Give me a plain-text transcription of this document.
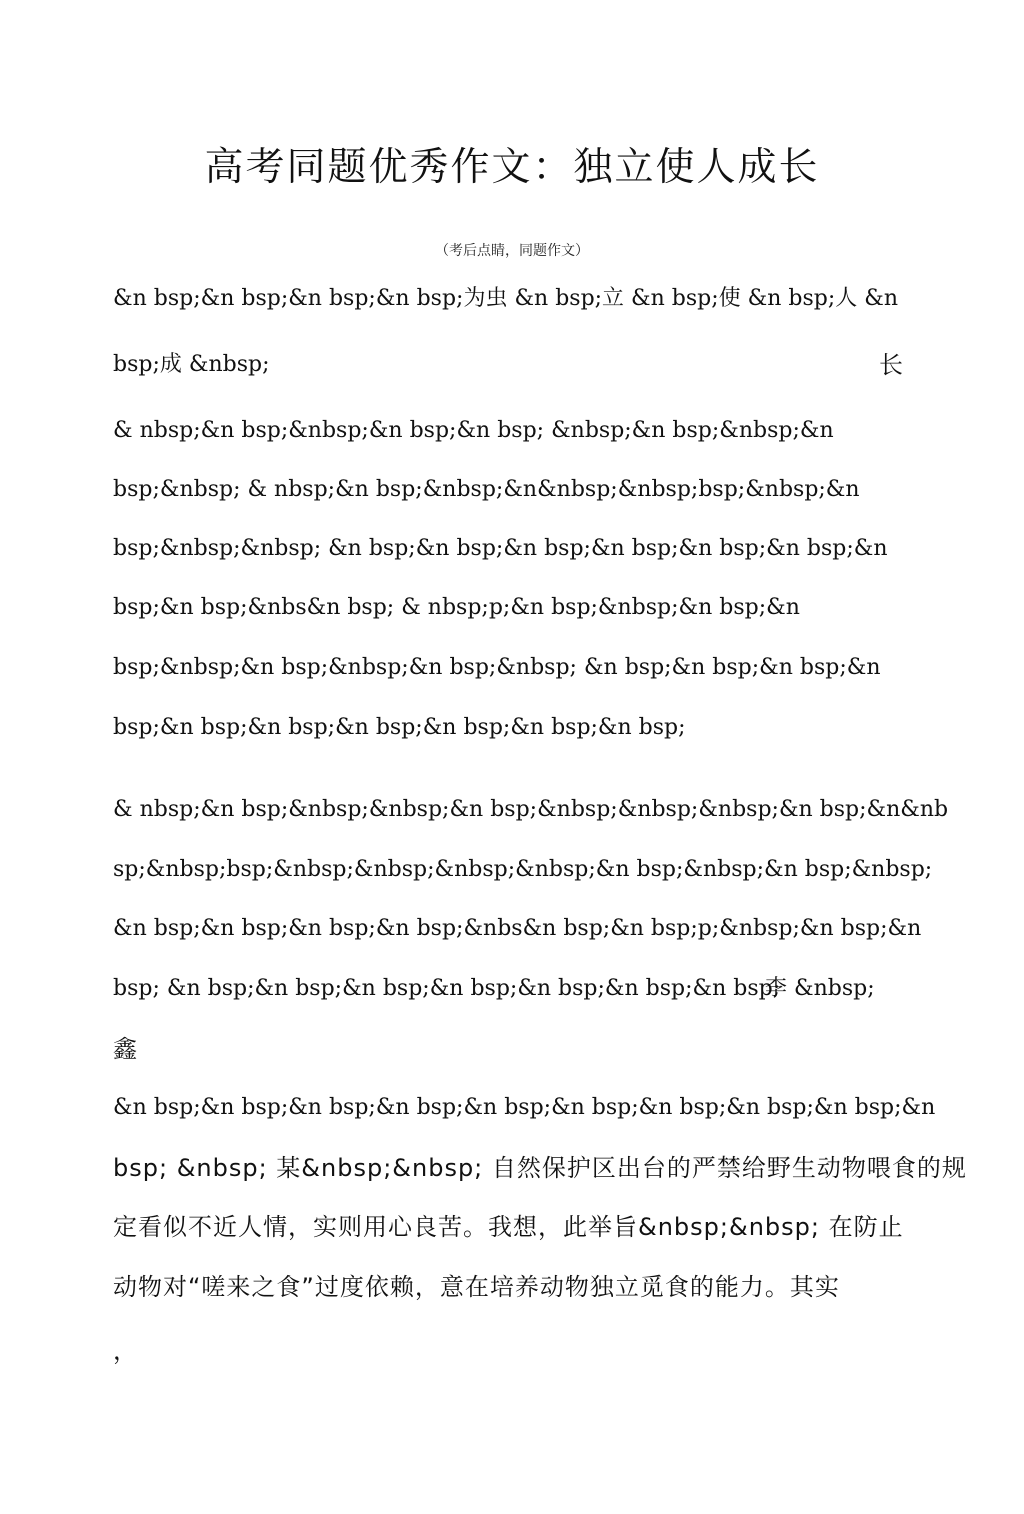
高考同题优秀作文：独立使人成长
（考后点睛，同题作文）
&n bsp;&n bsp;&n bsp;&n bsp;为虫 &n bsp;立 &n bsp;使 &n bsp;人 &n
bsp;成 &nbsp;	长
& nbsp;&n bsp;&nbsp;&n bsp;&n bsp; &nbsp;&n bsp;&nbsp;&n
bsp;&nbsp; & nbsp;&n bsp;&nbsp;&n&nbsp;&nbsp;bsp;&nbsp;&n
bsp;&nbsp;&nbsp; &n bsp;&n bsp;&n bsp;&n bsp;&n bsp;&n bsp;&n
bsp;&n bsp;&nbs&n bsp; & nbsp;p;&n bsp;&nbsp;&n bsp;&n
bsp;&nbsp;&n bsp;&nbsp;&n bsp;&nbsp; &n bsp;&n bsp;&n bsp;&n
bsp;&n bsp;&n bsp;&n bsp;&n bsp;&n bsp;&n bsp;
& nbsp;&n bsp;&nbsp;&nbsp;&n bsp;&nbsp;&nbsp;&nbsp;&n bsp;&n&nb
sp;&nbsp;bsp;&nbsp;&nbsp;&nbsp;&nbsp;&n bsp;&nbsp;&n bsp;&nbsp;
&n bsp;&n bsp;&n bsp;&n bsp;&nbs&n bsp;&n bsp;p;&nbsp;&n bsp;&n
bsp; &n bsp;&n bsp;&n bsp;&n bsp;&n bsp;&n bsp;&n bsp;
李 &nbsp;
鑫
&n bsp;&n bsp;&n bsp;&n bsp;&n bsp;&n bsp;&n bsp;&n bsp;&n bsp;&n
bsp; &nbsp; 某&nbsp;&nbsp; 自然保护区出台的严禁给野生动物喂食的规
定看似不近人情，实则用心良苦。我想，此举旨&nbsp;&nbsp; 在防止
动物对“嗟来之食”过度依赖，意在培养动物独立觅食的能力。其实
，
